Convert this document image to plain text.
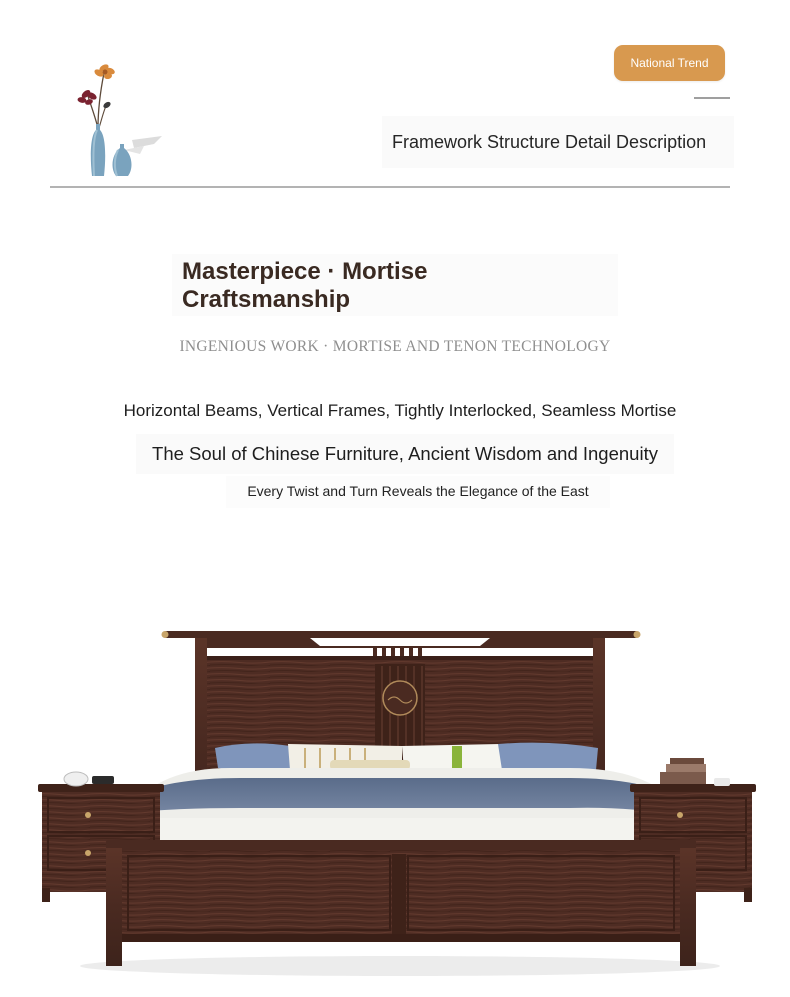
National Trend
Framework Structure Detail Description
Masterpiece · Mortise
Craftsmanship
INGENIOUS WORK · MORTISE AND TENON TECHNOLOGY
Horizontal Beams, Vertical Frames, Tightly Interlocked, Seamless Mortise
The Soul of Chinese Furniture, Ancient Wisdom and Ingenuity
Every Twist and Turn Reveals the Elegance of the East
